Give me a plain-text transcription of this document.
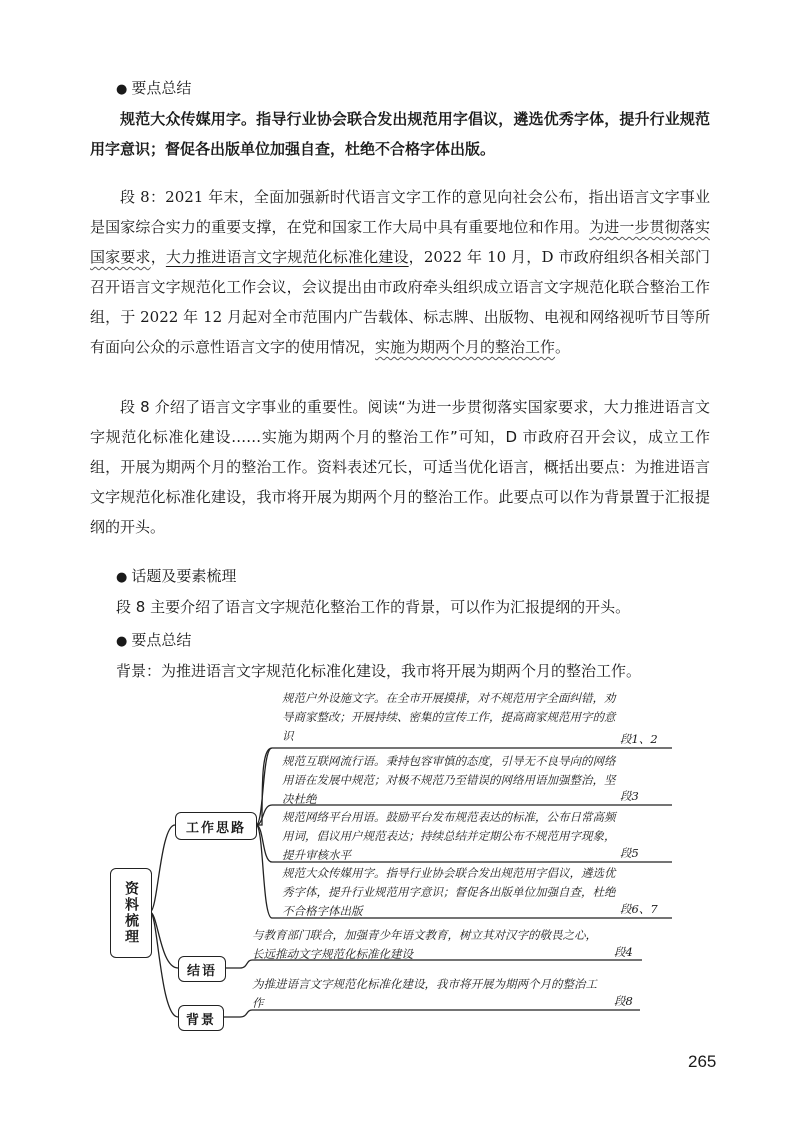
● 要点总结
规范大众传媒用字。指导行业协会联合发出规范用字倡议，遴选优秀字体，提升行业规范用字意识；督促各出版单位加强自查，杜绝不合格字体出版。
段 8：2021 年末，全面加强新时代语言文字工作的意见向社会公布，指出语言文字事业是国家综合实力的重要支撑，在党和国家工作大局中具有重要地位和作用。为进一步贯彻落实国家要求，大力推进语言文字规范化标准化建设，2022 年 10 月，D 市政府组织各相关部门召开语言文字规范化工作会议，会议提出由市政府牵头组织成立语言文字规范化联合整治工作组，于 2022 年 12 月起对全市范围内广告载体、标志牌、出版物、电视和网络视听节目等所有面向公众的示意性语言文字的使用情况，实施为期两个月的整治工作。
段 8 介绍了语言文字事业的重要性。阅读“为进一步贯彻落实国家要求，大力推进语言文字规范化标准化建设……实施为期两个月的整治工作”可知，D 市政府召开会议，成立工作组，开展为期两个月的整治工作。资料表述冗长，可适当优化语言，概括出要点：为推进语言文字规范化标准化建设，我市将开展为期两个月的整治工作。此要点可以作为背景置于汇报提纲的开头。
● 话题及要素梳理
段 8 主要介绍了语言文字规范化整治工作的背景，可以作为汇报提纲的开头。
● 要点总结
背景：为推进语言文字规范化标准化建设，我市将开展为期两个月的整治工作。
资料梳理
工作思路
结语
背景
规范户外设施文字。在全市开展摸排，对不规范用字全面纠错，劝导商家整改；开展持续、密集的宣传工作，提高商家规范用字的意识	段1、2
规范互联网流行语。秉持包容审慎的态度，引导无不良导向的网络用语在发展中规范；对极不规范乃至错误的网络用语加强整治，坚决杜绝	段3
规范网络平台用语。鼓励平台发布规范表达的标准，公布日常高频用词，倡议用户规范表达；持续总结并定期公布不规范用字现象，提升审核水平	段5
规范大众传媒用字。指导行业协会联合发出规范用字倡议，遴选优秀字体，提升行业规范用字意识；督促各出版单位加强自查，杜绝不合格字体出版	段6、7
与教育部门联合，加强青少年语文教育，树立其对汉字的敬畏之心，长远推动文字规范化标准化建设	段4
为推进语言文字规范化标准化建设，我市将开展为期两个月的整治工作	段8
265
